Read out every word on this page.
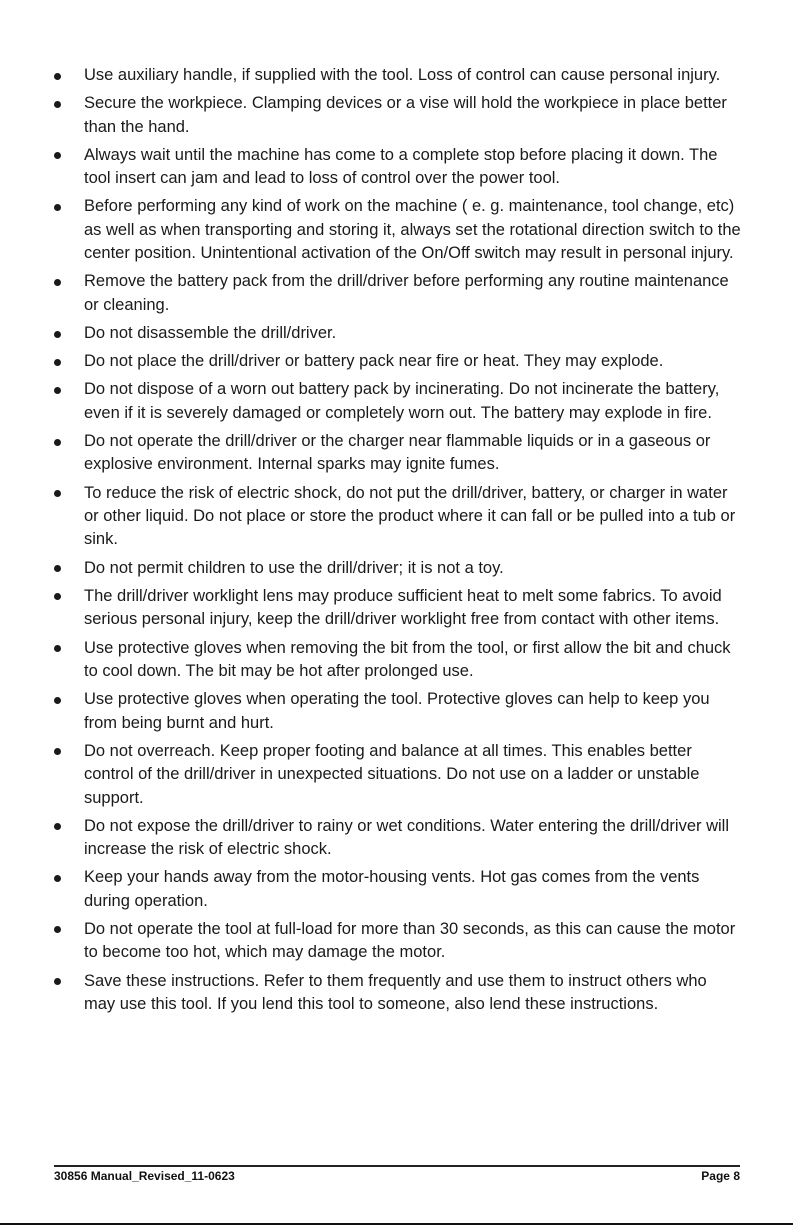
Use auxiliary handle, if supplied with the tool. Loss of control can cause personal injury.
Secure the workpiece. Clamping devices or a vise will hold the workpiece in place better than the hand.
Always wait until the machine has come to a complete stop before placing it down. The tool insert can jam and lead to loss of control over the power tool.
Before performing any kind of work on the machine ( e. g. maintenance, tool change, etc) as well as when transporting and storing it, always set the rotational direction switch to the center position. Unintentional activation of the On/Off switch may result in personal injury.
Remove the battery pack from the drill/driver before performing any routine maintenance or cleaning.
Do not disassemble the drill/driver.
Do not place the drill/driver or battery pack near fire or heat. They may explode.
Do not dispose of a worn out battery pack by incinerating. Do not incinerate the battery, even if it is severely damaged or completely worn out. The battery may explode in fire.
Do not operate the drill/driver or the charger near flammable liquids or in a gaseous or explosive environment. Internal sparks may ignite fumes.
To reduce the risk of electric shock, do not put the drill/driver, battery, or charger in water or other liquid. Do not place or store the product where it can fall or be pulled into a tub or sink.
Do not permit children to use the drill/driver; it is not a toy.
The drill/driver worklight lens may produce sufficient heat to melt some fabrics. To avoid serious personal injury, keep the drill/driver worklight free from contact with other items.
Use protective gloves when removing the bit from the tool, or first allow the bit and chuck to cool down. The bit may be hot after prolonged use.
Use protective gloves when operating the tool. Protective gloves can help to keep you from being burnt and hurt.
Do not overreach. Keep proper footing and balance at all times. This enables better control of the drill/driver in unexpected situations. Do not use on a ladder or unstable support.
Do not expose the drill/driver to rainy or wet conditions. Water entering the drill/driver will increase the risk of electric shock.
Keep your hands away from the motor-housing vents. Hot gas comes from the vents during operation.
Do not operate the tool at full-load for more than 30 seconds, as this can cause the motor to become too hot, which may damage the motor.
Save these instructions. Refer to them frequently and use them to instruct others who may use this tool. If you lend this tool to someone, also lend these instructions.
30856 Manual_Revised_11-0623	Page 8
